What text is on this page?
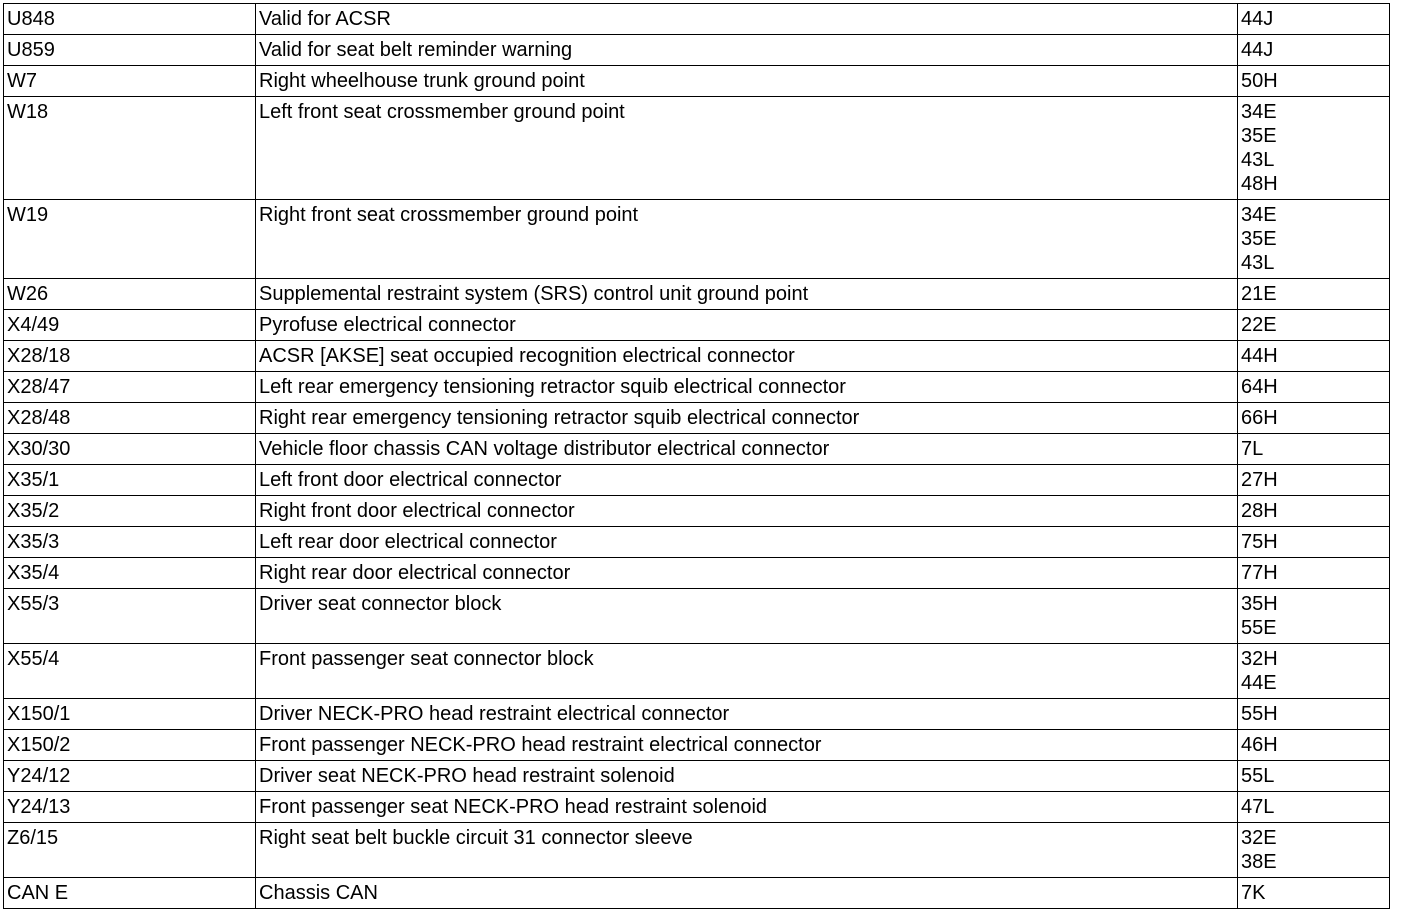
U848	Valid for ACSR	44J

U859	Valid for seat belt reminder warning	44J

W7	Right wheelhouse trunk ground point	50H

W18	Left front seat crossmember ground point	34E
35E
43L
48H

W19	Right front seat crossmember ground point	34E
35E
43L

W26	Supplemental restraint system (SRS) control unit ground point	21E

X4/49	Pyrofuse electrical connector	22E

X28/18	ACSR [AKSE] seat occupied recognition electrical connector	44H

X28/47	Left rear emergency tensioning retractor squib electrical connector	64H

X28/48	Right rear emergency tensioning retractor squib electrical connector	66H

X30/30	Vehicle floor chassis CAN voltage distributor electrical connector	7L

X35/1	Left front door electrical connector	27H

X35/2	Right front door electrical connector	28H

X35/3	Left rear door electrical connector	75H

X35/4	Right rear door electrical connector	77H

X55/3	Driver seat connector block	35H
55E

X55/4	Front passenger seat connector block	32H
44E

X150/1	Driver NECK-PRO head restraint electrical connector	55H

X150/2	Front passenger NECK-PRO head restraint electrical connector	46H

Y24/12	Driver seat NECK-PRO head restraint solenoid	55L

Y24/13	Front passenger seat NECK-PRO head restraint solenoid	47L

Z6/15	Right seat belt buckle circuit 31 connector sleeve	32E
38E

CAN E	Chassis CAN	7K
